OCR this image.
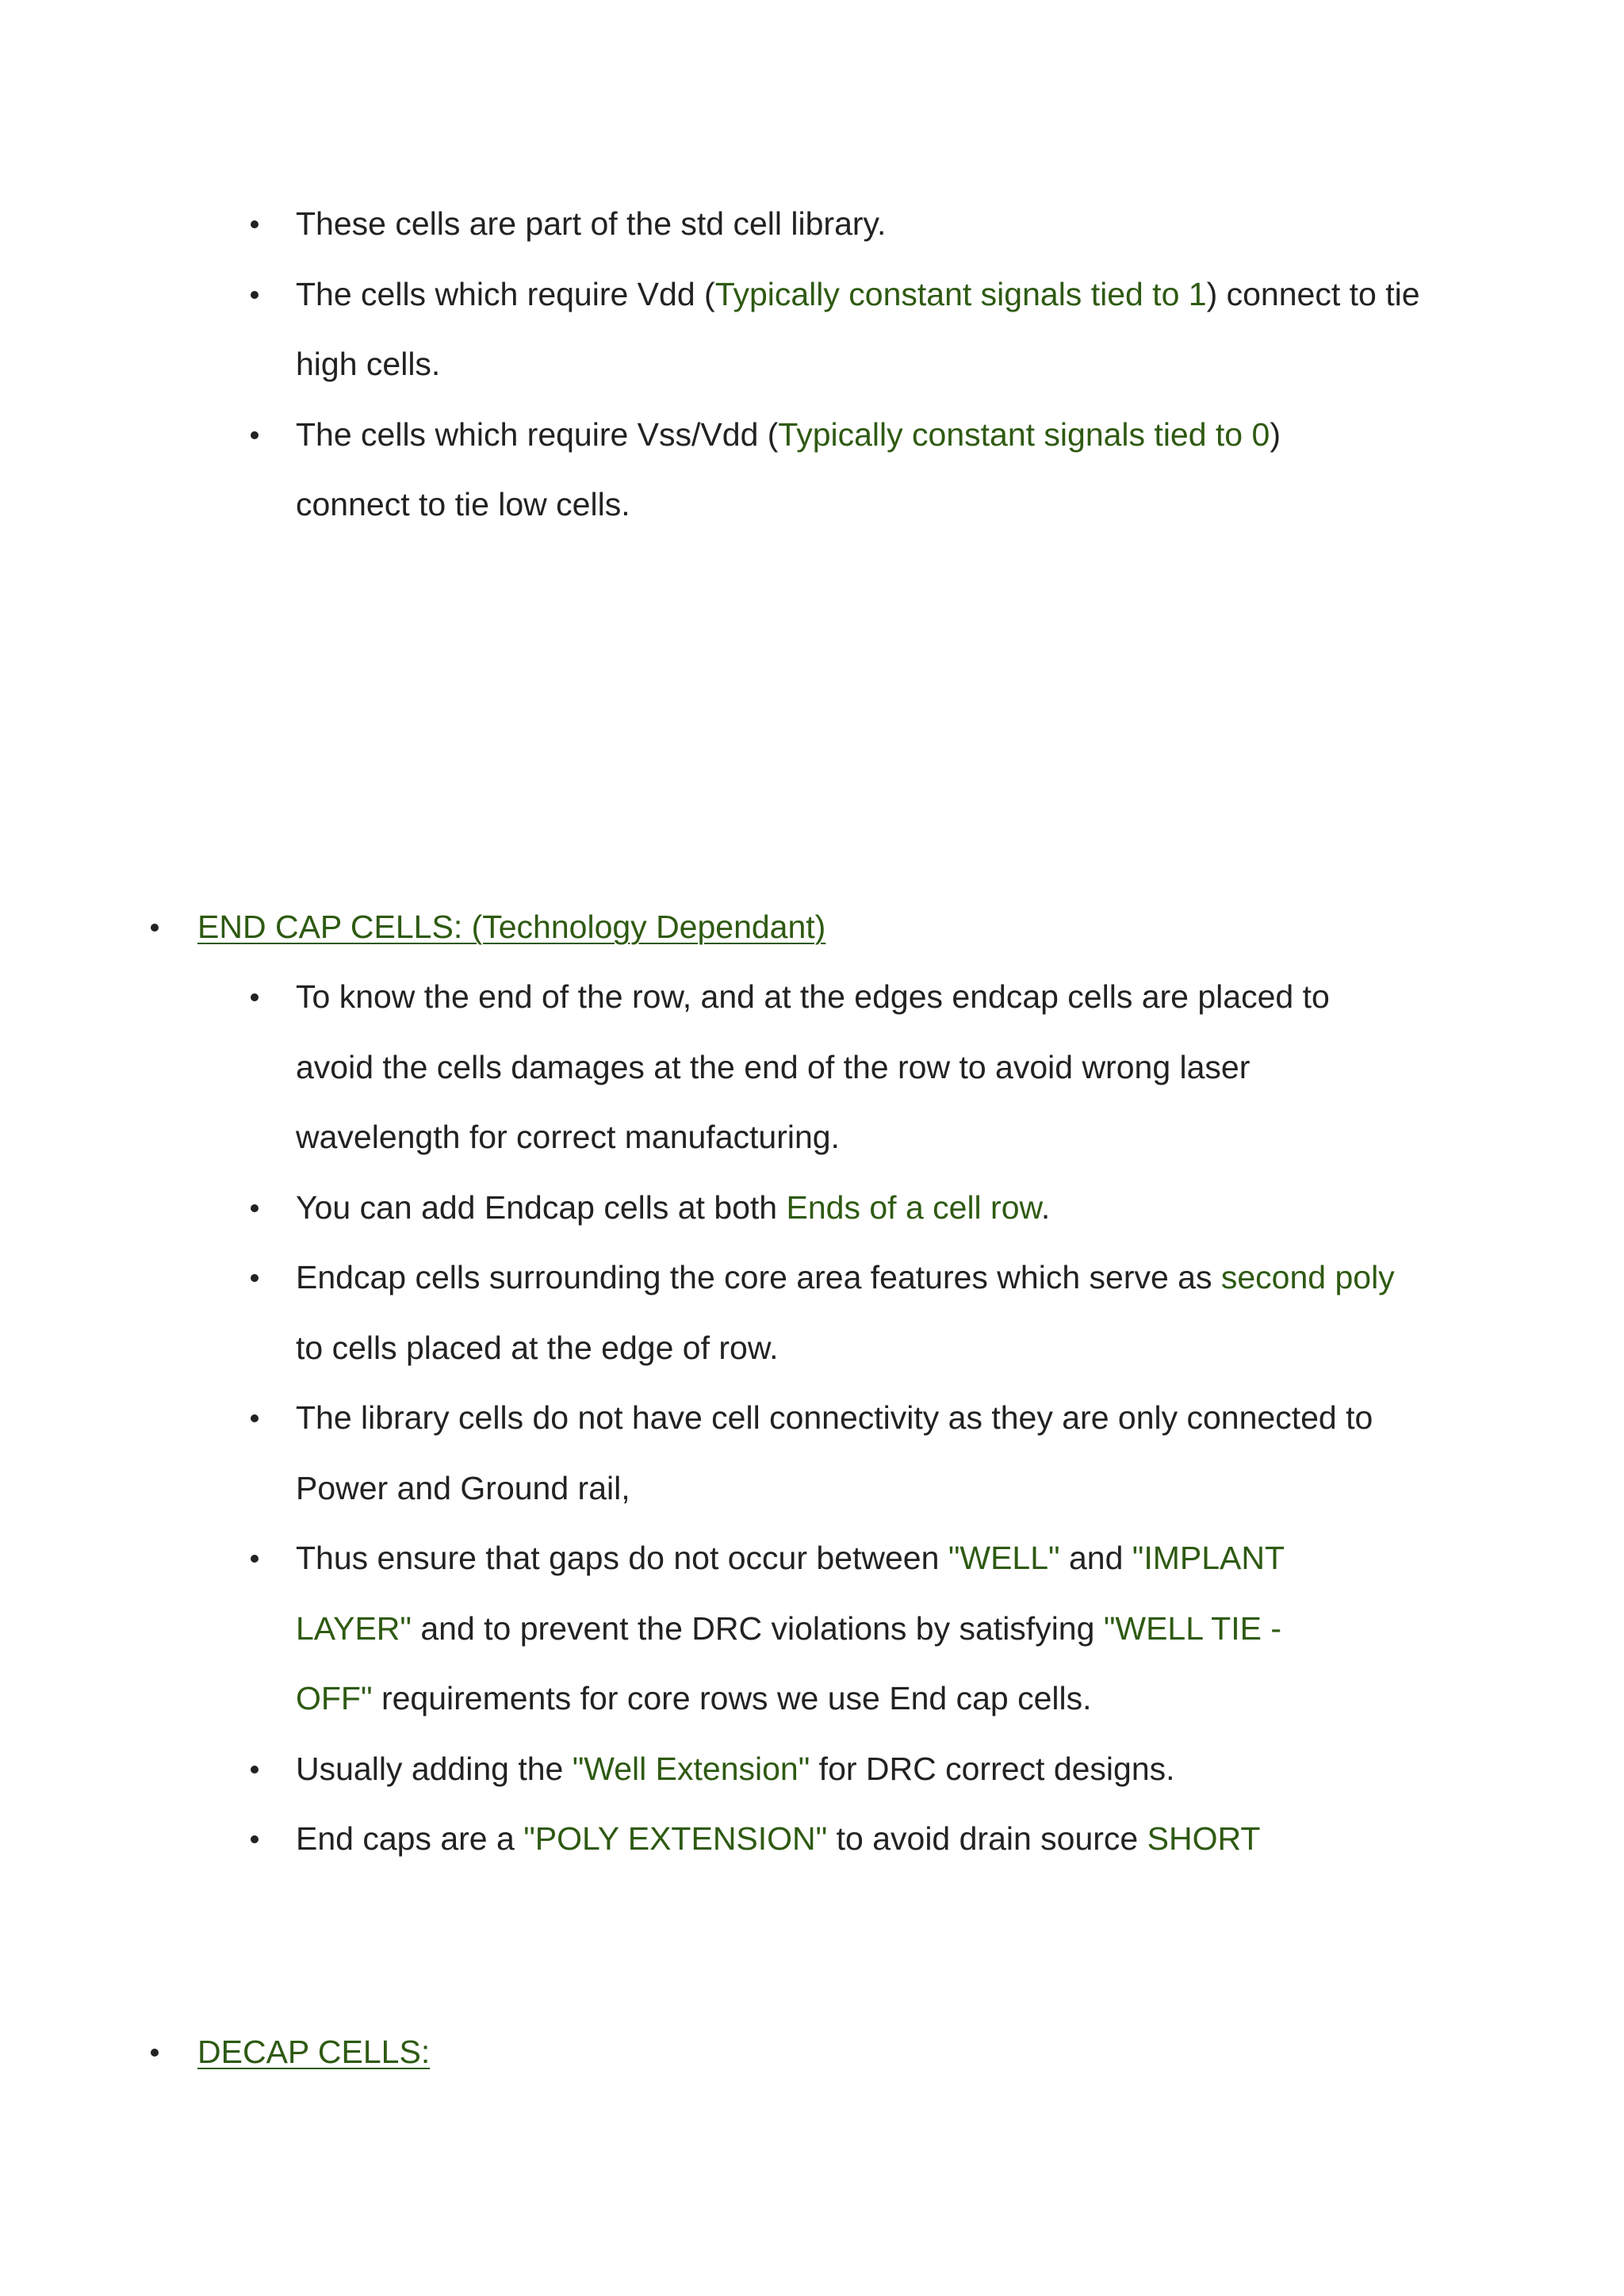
These cells are part of the std cell library.
The cells which require Vdd (Typically constant signals tied to 1) connect to tie high cells.
The cells which require Vss/Vdd (Typically constant signals tied to 0) connect to tie low cells.
END CAP CELLS: (Technology Dependant)
To know the end of the row, and at the edges endcap cells are placed to avoid the cells damages at the end of the row to avoid wrong laser wavelength for correct manufacturing.
You can add Endcap cells at both Ends of a cell row.
Endcap cells surrounding the core area features which serve as second poly to cells placed at the edge of row.
The library cells do not have cell connectivity as they are only connected to Power and Ground rail,
Thus ensure that gaps do not occur between "WELL" and "IMPLANT LAYER" and to prevent the DRC violations by satisfying "WELL TIE -OFF" requirements for core rows we use End cap cells.
Usually adding the "Well Extension" for DRC correct designs.
End caps are a "POLY EXTENSION" to avoid drain source SHORT
DECAP CELLS:
